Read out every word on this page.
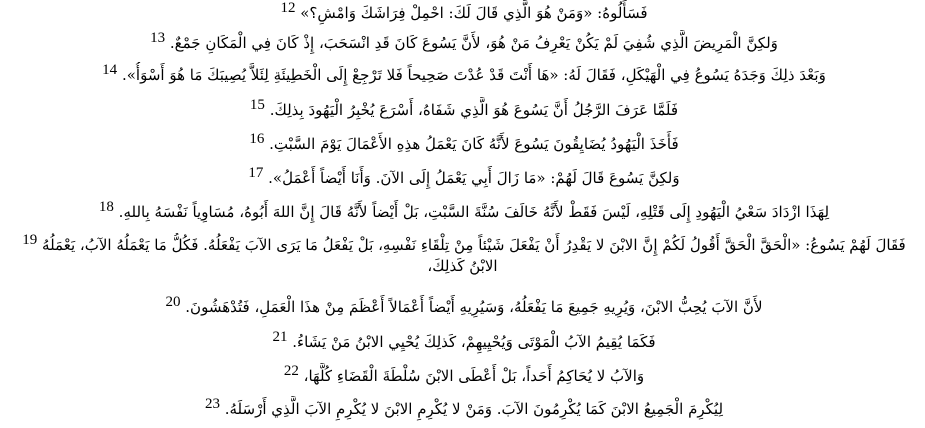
12 فَسَأَلُوهُ: «وَمَنْ هُوَ الَّذِي قَالَ لَكَ: احْمِلْ فِرَاشَكَ وَامْشِ؟»
13 وَلكِنَّ الْمَرِيضَ الَّذِي شُفِيَ لَمْ يَكُنْ يَعْرِفُ مَنْ هُوَ، لأَنَّ يَسُوعَ كَانَ قَدِ انْسَحَبَ، إِذْ كَانَ فِي الْمَكَانِ جَمْعٌ.
14 وَبَعْدَ ذلِكَ وَجَدَهُ يَسُوعُ فِي الْهَيْكَلِ، فَقَالَ لَهُ: «هَا أَنْتَ قَدْ عُدْتَ صَحِيحاً فَلا تَرْجِعْ إِلَى الْخَطِيئَةِ لِئَلاَّ يُصِيبَكَ مَا هُوَ أَسْوَأُ».
15 فَلَمَّا عَرَفَ الرَّجُلُ أَنَّ يَسُوعَ هُوَ الَّذِي شَفَاهُ، أَسْرَعَ يُخْبِرُ الْيَهُودَ بِذلِكَ.
16 فَأَخَذَ الْيَهُودُ يُضَايِقُونَ يَسُوعَ لأَنَّهُ كَانَ يَعْمَلُ هذِهِ الأَعْمَالَ يَوْمَ السَّبْتِ.
17 وَلكِنَّ يَسُوعَ قَالَ لَهُمْ: «مَا زَالَ أَبِي يَعْمَلُ إِلَى الآنَ. وَأَنَا أَيْضاً أَعْمَلُ».
18 لِهَذَا ازْدَادَ سَعْيُ الْيَهُودِ إِلَى قَتْلِهِ، لَيْسَ فَقَطْ لأَنَّهُ خَالَفَ سُنَّةَ السَّبْتِ، بَلْ أَيْضاً لأَنَّهُ قَالَ إِنَّ اللهَ أَبُوهُ، مُسَاوِياً نَفْسَهُ بِاللهِ.
19 فَقَالَ لَهُمْ يَسُوعُ: «الْحَقَّ الْحَقَّ أَقُولُ لَكُمْ إِنَّ الابْنَ لا يَقْدِرُ أَنْ يَفْعَلَ شَيْئاً مِنْ تِلْقَاءِ نَفْسِهِ، بَلْ يَفْعَلُ مَا يَرَى الآبَ يَفْعَلُهُ. فَكُلُّ مَا يَعْمَلُهُ الآبُ، يَعْمَلُهُ الابْنُ كَذلِكَ،
20 لأَنَّ الآبَ يُحِبُّ الابْنَ، وَيُرِيهِ جَمِيعَ مَا يَفْعَلُهُ، وَسَيُرِيهِ أَيْضاً أَعْمَالاً أَعْظَمَ مِنْ هذَا الْعَمَلِ، فَتُدْهَشُونَ.
21 فَكَمَا يُقِيمُ الآبُ الْمَوْتَى وَيُحْيِيهِمْ، كَذلِكَ يُحْيِي الابْنُ مَنْ يَشَاءُ.
22 وَالآبُ لا يُحَاكِمُ أَحَداً، بَلْ أَعْطَى الابْنَ سُلْطَةَ الْقَضَاءِ كُلَّهَا،
23 لِيُكْرِمَ الْجَمِيعُ الابْنَ كَمَا يُكْرِمُونَ الآبَ. وَمَنْ لا يُكْرِمِ الابْنَ لا يُكْرِمِ الآبَ الَّذِي أَرْسَلَهُ.
